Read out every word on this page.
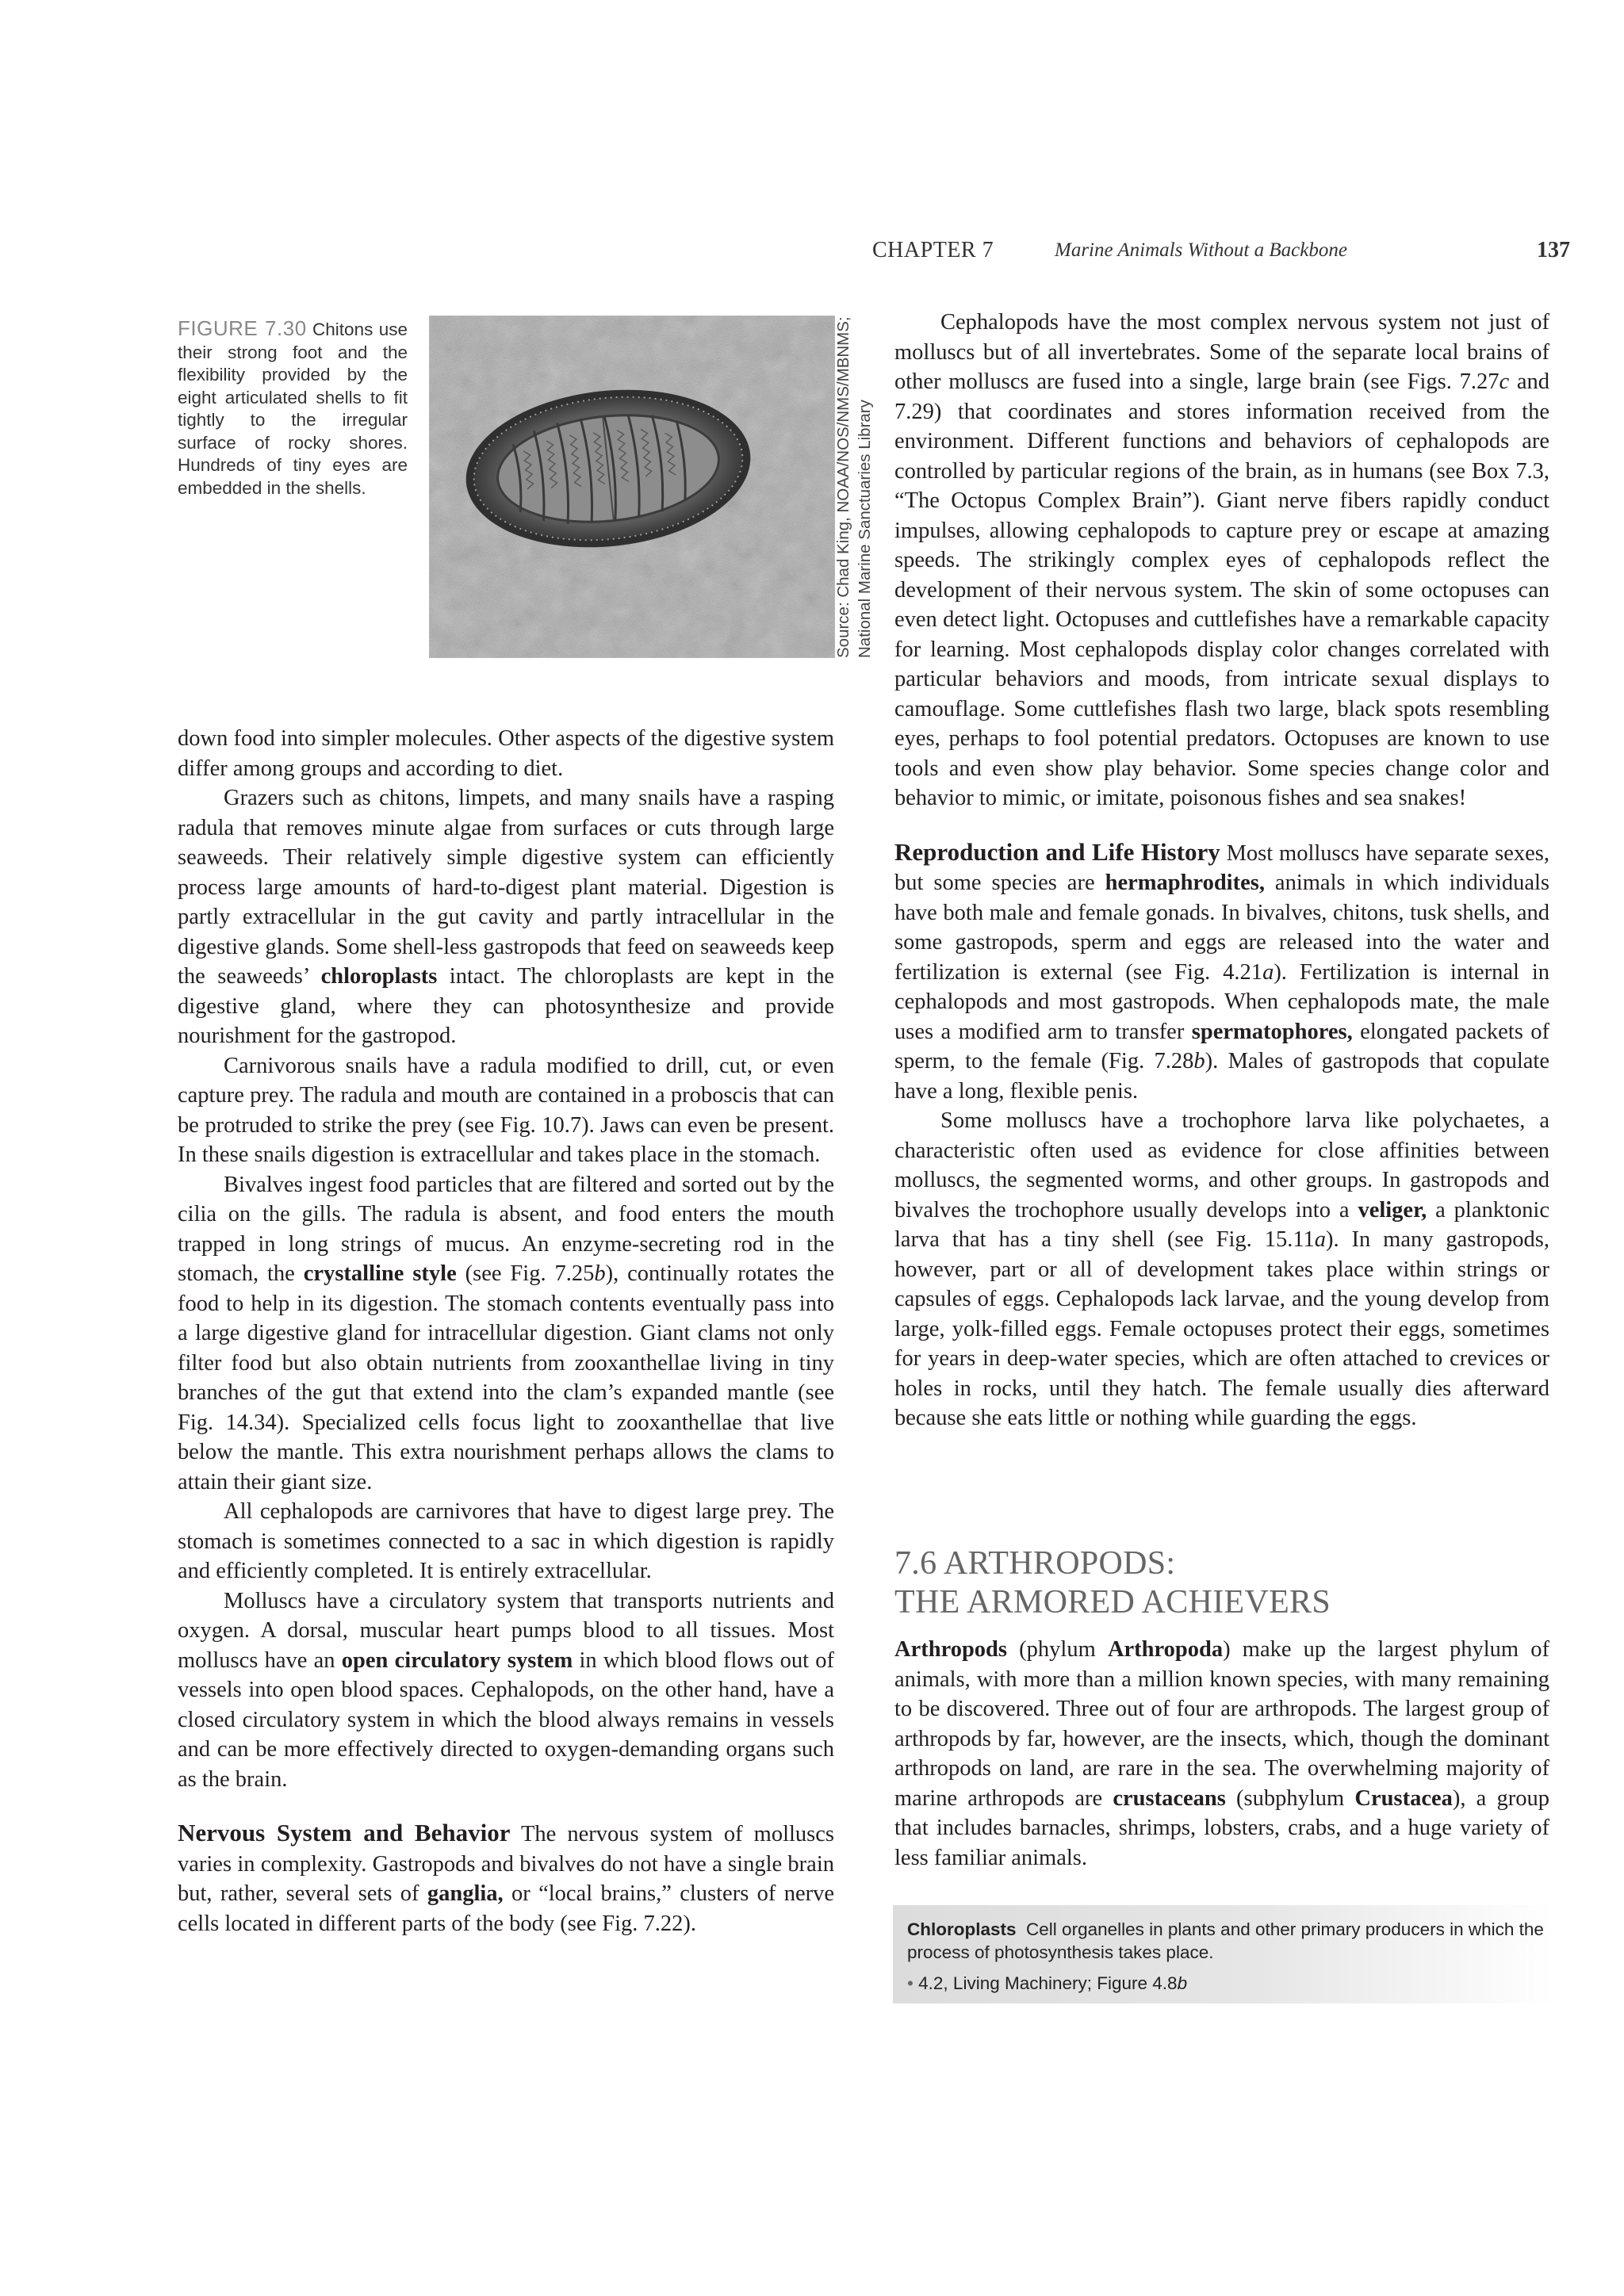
CHAPTER 7	Marine Animals Without a Backbone	137
FIGURE 7.30 Chitons use their strong foot and the flexibility provided by the eight articulated shells to fit tightly to the irregular surface of rocky shores. Hundreds of tiny eyes are embedded in the shells.	Source: Chad King, NOAA/NOS/NMS/MBNMS; National Marine Sanctuaries Library

down food into simpler molecules. Other aspects of the digestive system differ among groups and according to diet.

Grazers such as chitons, limpets, and many snails have a rasping radula that removes minute algae from surfaces or cuts through large seaweeds. Their relatively simple digestive system can efficiently process large amounts of hard-to-digest plant material. Digestion is partly extracellular in the gut cavity and partly intracellular in the digestive glands. Some shell-less gastropods that feed on seaweeds keep the seaweeds’ chloroplasts intact. The chloroplasts are kept in the digestive gland, where they can photosynthesize and provide nourishment for the gastropod.

Carnivorous snails have a radula modified to drill, cut, or even capture prey. The radula and mouth are contained in a proboscis that can be protruded to strike the prey (see Fig. 10.7). Jaws can even be present. In these snails digestion is extracellular and takes place in the stomach.

Bivalves ingest food particles that are filtered and sorted out by the cilia on the gills. The radula is absent, and food enters the mouth trapped in long strings of mucus. An enzyme-secreting rod in the stomach, the crystalline style (see Fig. 7.25b), continually rotates the food to help in its digestion. The stomach contents eventually pass into a large digestive gland for intracellular digestion. Giant clams not only filter food but also obtain nutrients from zooxanthellae living in tiny branches of the gut that extend into the clam’s expanded mantle (see Fig. 14.34). Specialized cells focus light to zooxanthellae that live below the mantle. This extra nourishment perhaps allows the clams to attain their giant size.

All cephalopods are carnivores that have to digest large prey. The stomach is sometimes connected to a sac in which digestion is rapidly and efficiently completed. It is entirely extracellular.

Molluscs have a circulatory system that transports nutrients and oxygen. A dorsal, muscular heart pumps blood to all tissues. Most molluscs have an open circulatory system in which blood flows out of vessels into open blood spaces. Cephalopods, on the other hand, have a closed circulatory system in which the blood always remains in vessels and can be more effectively directed to oxygen-demanding organs such as the brain.

Nervous System and Behavior The nervous system of molluscs varies in complexity. Gastropods and bivalves do not have a single brain but, rather, several sets of ganglia, or “local brains,” clusters of nerve cells located in different parts of the body (see Fig. 7.22).

Cephalopods have the most complex nervous system not just of molluscs but of all invertebrates. Some of the separate local brains of other molluscs are fused into a single, large brain (see Figs. 7.27c and 7.29) that coordinates and stores information received from the environment. Different functions and behaviors of cephalopods are controlled by particular regions of the brain, as in humans (see Box 7.3, “The Octopus Complex Brain”). Giant nerve fibers rapidly conduct impulses, allowing cephalopods to capture prey or escape at amazing speeds. The strikingly complex eyes of cephalopods reflect the development of their nervous system. The skin of some octopuses can even detect light. Octopuses and cuttlefishes have a remarkable capacity for learning. Most cephalopods display color changes correlated with particular behaviors and moods, from intricate sexual displays to camouflage. Some cuttlefishes flash two large, black spots resembling eyes, perhaps to fool potential predators. Octopuses are known to use tools and even show play behavior. Some species change color and behavior to mimic, or imitate, poisonous fishes and sea snakes!

Reproduction and Life History Most molluscs have separate sexes, but some species are hermaphrodites, animals in which individuals have both male and female gonads. In bivalves, chitons, tusk shells, and some gastropods, sperm and eggs are released into the water and fertilization is external (see Fig. 4.21a). Fertilization is internal in cephalopods and most gastropods. When cephalopods mate, the male uses a modified arm to transfer spermatophores, elongated packets of sperm, to the female (Fig. 7.28b). Males of gastropods that copulate have a long, flexible penis.

Some molluscs have a trochophore larva like polychaetes, a characteristic often used as evidence for close affinities between molluscs, the segmented worms, and other groups. In gastropods and bivalves the trochophore usually develops into a veliger, a planktonic larva that has a tiny shell (see Fig. 15.11a). In many gastropods, however, part or all of development takes place within strings or capsules of eggs. Cephalopods lack larvae, and the young develop from large, yolk-filled eggs. Female octopuses protect their eggs, sometimes for years in deep-water species, which are often attached to crevices or holes in rocks, until they hatch. The female usually dies afterward because she eats little or nothing while guarding the eggs.

7.6 ARTHROPODS:
THE ARMORED ACHIEVERS

Arthropods (phylum Arthropoda) make up the largest phylum of animals, with more than a million known species, with many remaining to be discovered. Three out of four are arthropods. The largest group of arthropods by far, however, are the insects, which, though the dominant arthropods on land, are rare in the sea. The overwhelming majority of marine arthropods are crustaceans (subphylum Crustacea), a group that includes barnacles, shrimps, lobsters, crabs, and a huge variety of less familiar animals.

Chloroplasts Cell organelles in plants and other primary producers in which the process of photosynthesis takes place.
• 4.2, Living Machinery; Figure 4.8b
